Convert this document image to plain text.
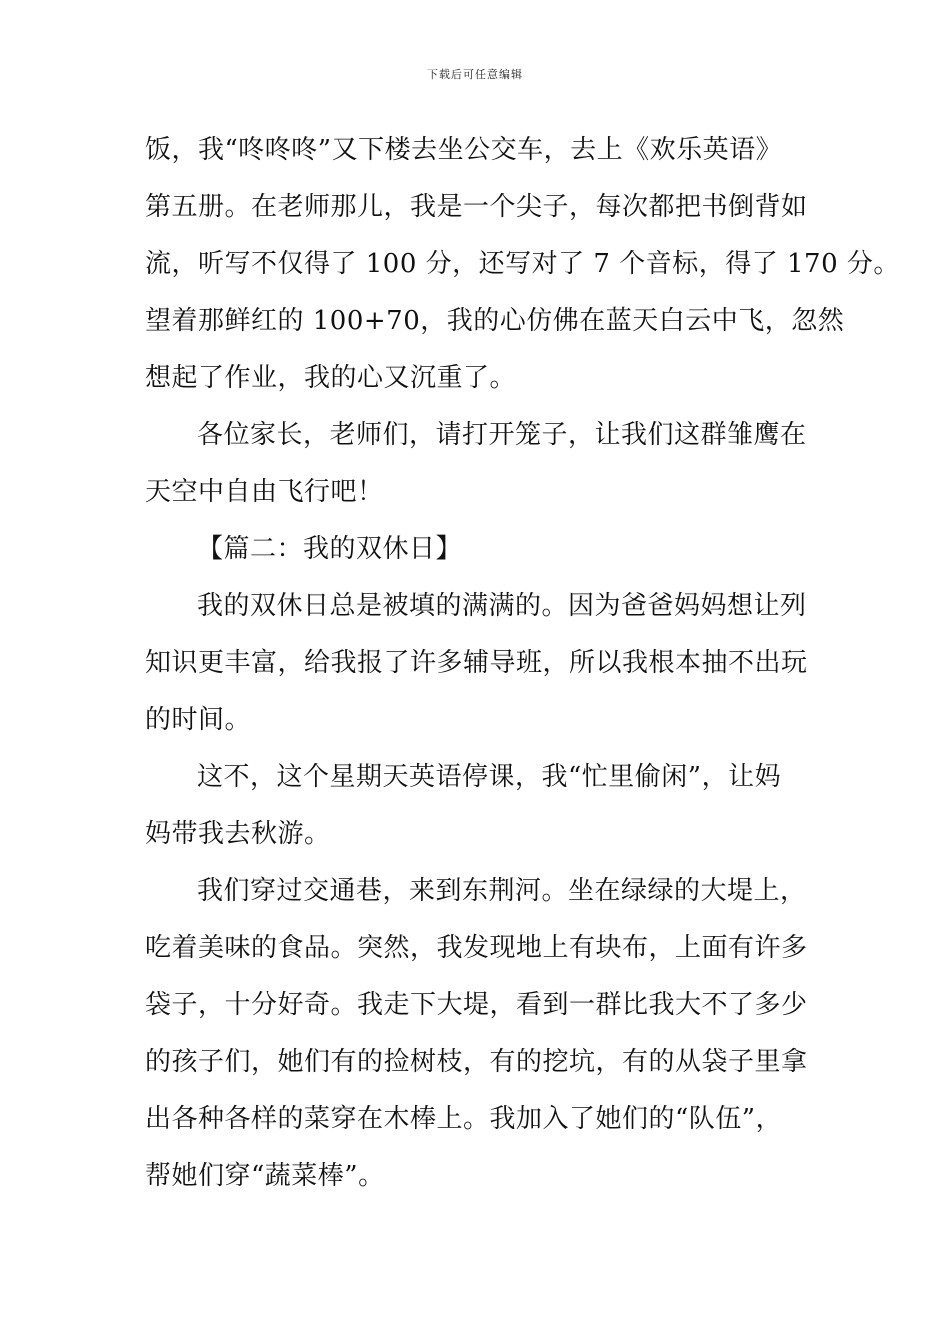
下载后可任意编辑
饭，我“咚咚咚”又下楼去坐公交车，去上《欢乐英语》
第五册。在老师那儿，我是一个尖子，每次都把书倒背如
流，听写不仅得了 100 分，还写对了 7 个音标，得了 170 分。
望着那鲜红的 100+70，我的心仿佛在蓝天白云中飞，忽然
想起了作业，我的心又沉重了。
各位家长，老师们，请打开笼子，让我们这群雏鹰在
天空中自由飞行吧！
【篇二：我的双休日】
我的双休日总是被填的满满的。因为爸爸妈妈想让列
知识更丰富，给我报了许多辅导班，所以我根本抽不出玩
的时间。
这不，这个星期天英语停课，我“忙里偷闲”，让妈
妈带我去秋游。
我们穿过交通巷，来到东荆河。坐在绿绿的大堤上，
吃着美味的食品。突然，我发现地上有块布，上面有许多
袋子，十分好奇。我走下大堤，看到一群比我大不了多少
的孩子们，她们有的捡树枝，有的挖坑，有的从袋子里拿
出各种各样的菜穿在木棒上。我加入了她们的“队伍”，
帮她们穿“蔬菜棒”。
